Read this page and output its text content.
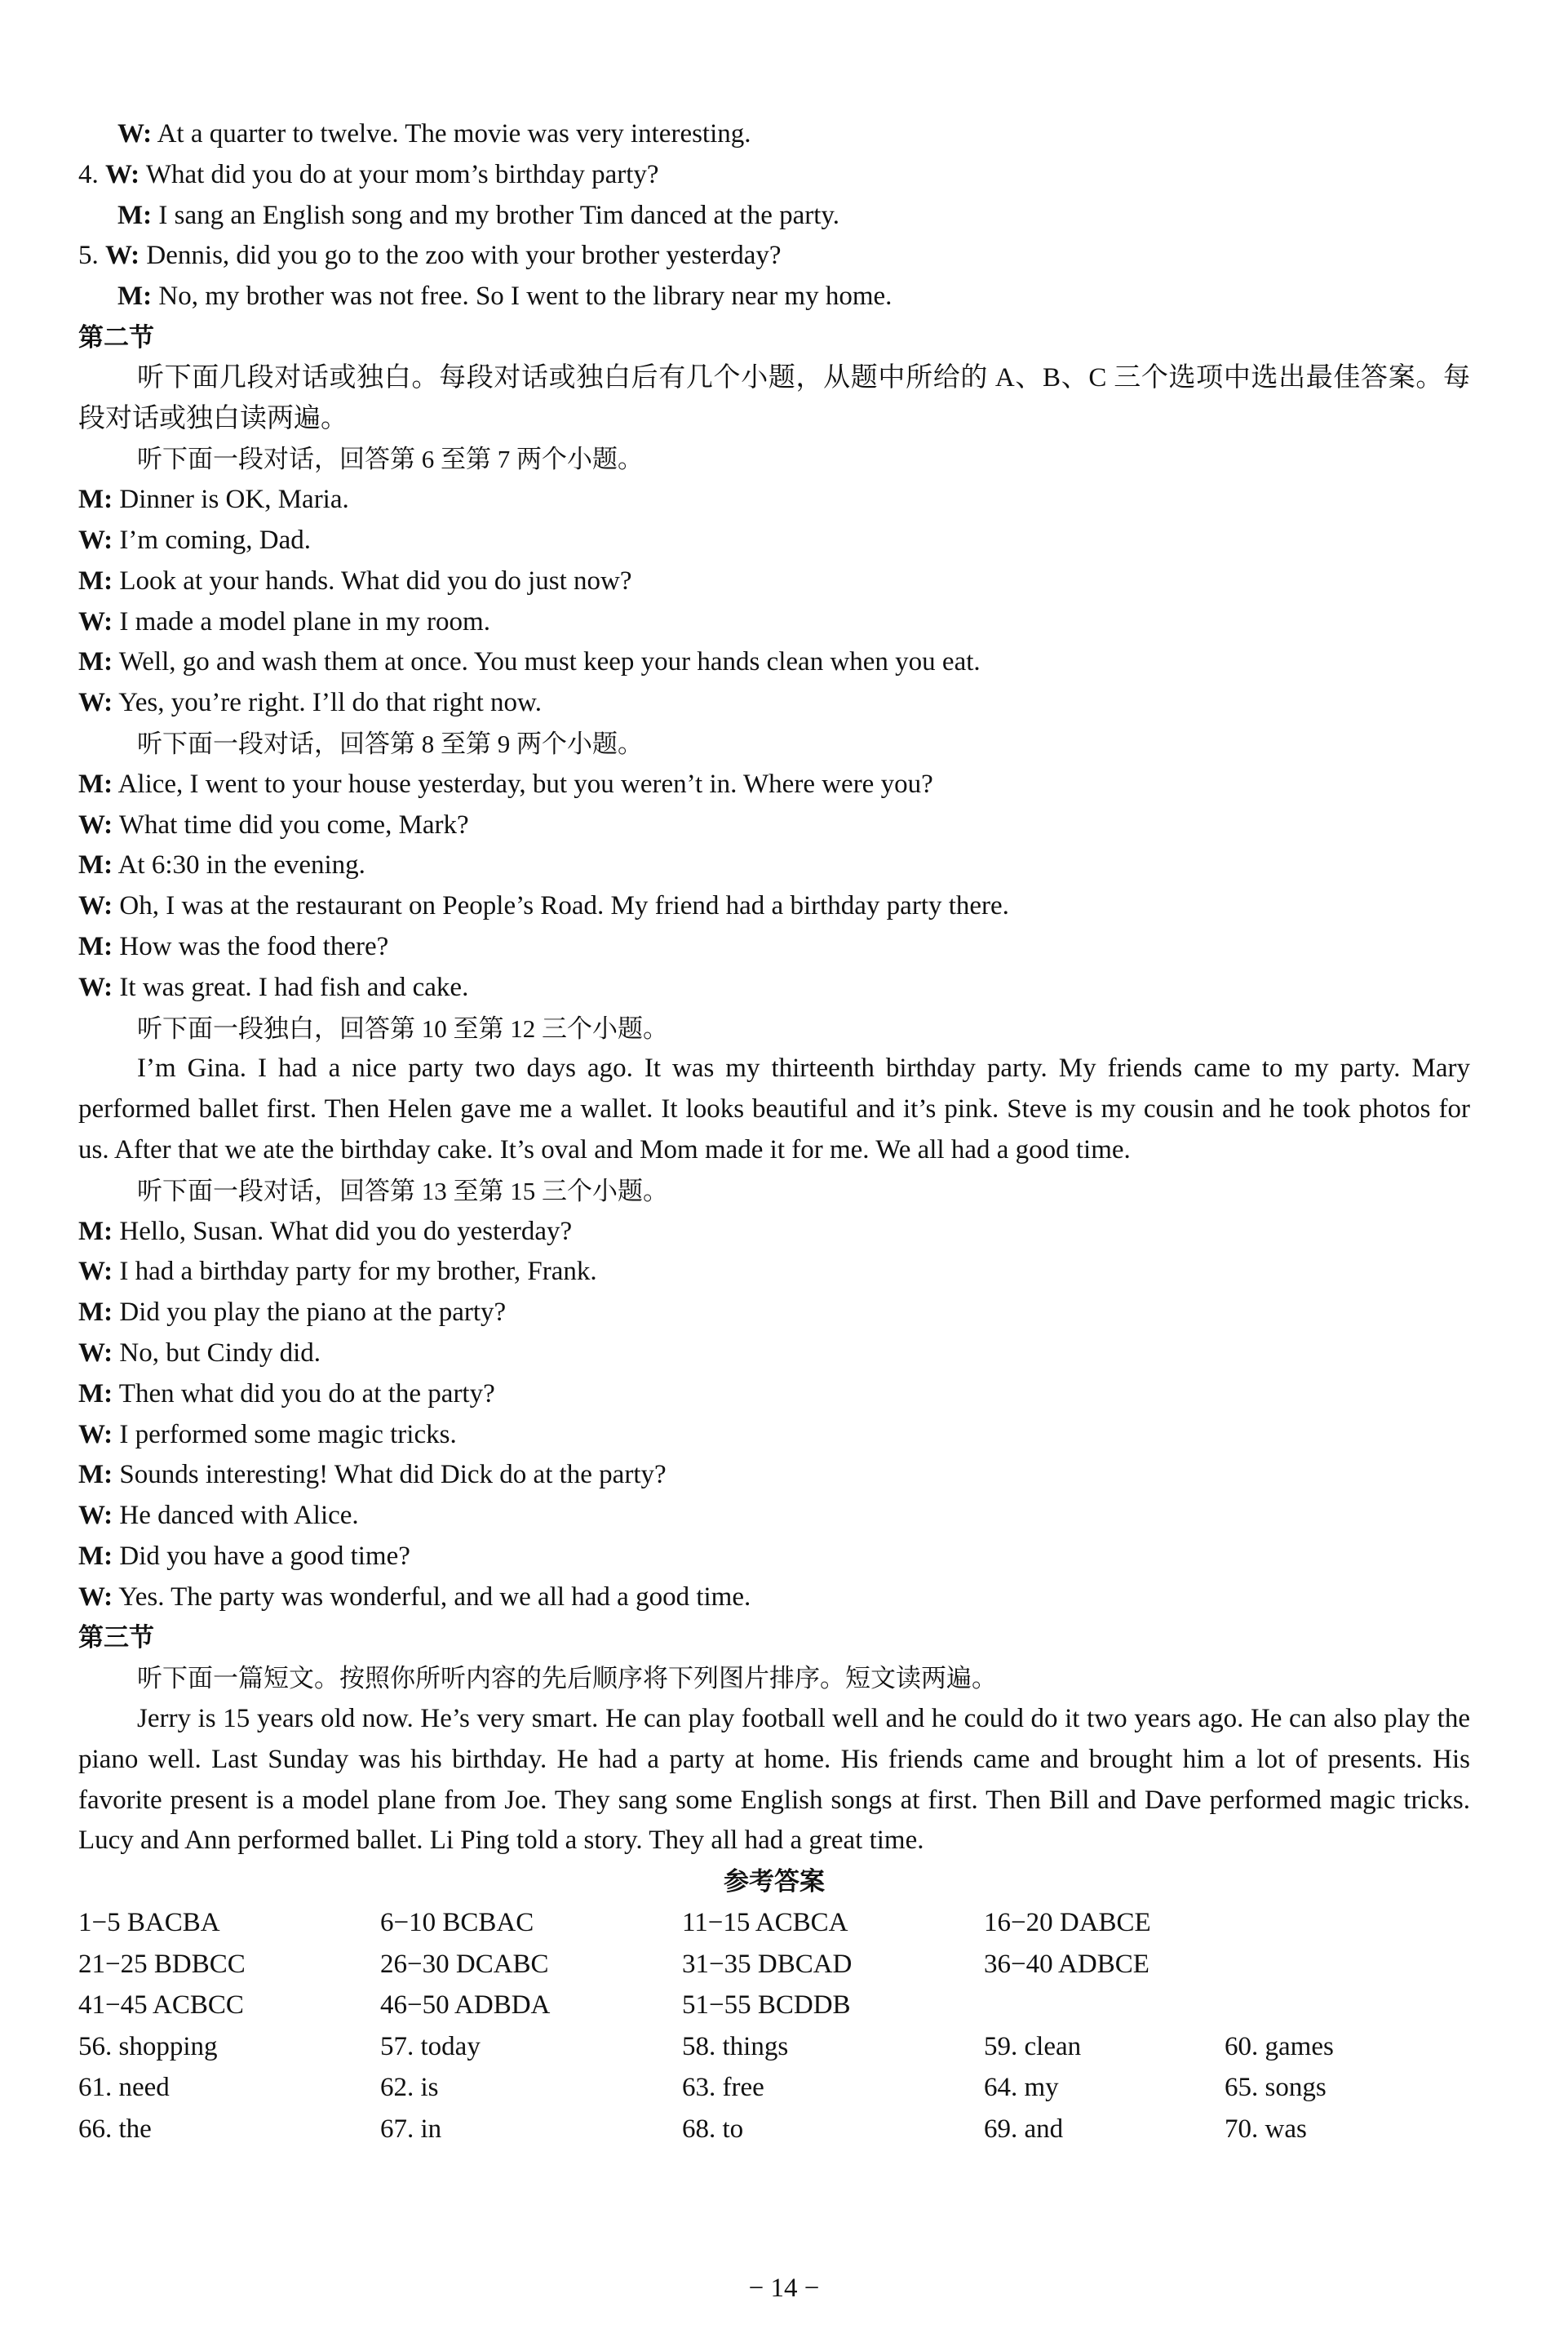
W: At a quarter to twelve. The movie was very interesting.
4. W: What did you do at your mom’s birthday party?
M: I sang an English song and my brother Tim danced at the party.
5. W: Dennis, did you go to the zoo with your brother yesterday?
M: No, my brother was not free. So I went to the library near my home.
第二节
听下面几段对话或独白。每段对话或独白后有几个小题，从题中所给的 A、B、C 三个选项中选出最佳答案。每段对话或独白读两遍。
听下面一段对话，回答第 6 至第 7 两个小题。
M: Dinner is OK, Maria.
W: I’m coming, Dad.
M: Look at your hands. What did you do just now?
W: I made a model plane in my room.
M: Well, go and wash them at once. You must keep your hands clean when you eat.
W: Yes, you’re right. I’ll do that right now.
听下面一段对话，回答第 8 至第 9 两个小题。
M: Alice, I went to your house yesterday, but you weren’t in. Where were you?
W: What time did you come, Mark?
M: At 6:30 in the evening.
W: Oh, I was at the restaurant on People’s Road. My friend had a birthday party there.
M: How was the food there?
W: It was great. I had fish and cake.
听下面一段独白，回答第 10 至第 12 三个小题。
I’m Gina. I had a nice party two days ago. It was my thirteenth birthday party. My friends came to my party. Mary performed ballet first. Then Helen gave me a wallet. It looks beautiful and it’s pink. Steve is my cousin and he took photos for us. After that we ate the birthday cake. It’s oval and Mom made it for me. We all had a good time.
听下面一段对话，回答第 13 至第 15 三个小题。
M: Hello, Susan. What did you do yesterday?
W: I had a birthday party for my brother, Frank.
M: Did you play the piano at the party?
W: No, but Cindy did.
M: Then what did you do at the party?
W: I performed some magic tricks.
M: Sounds interesting! What did Dick do at the party?
W: He danced with Alice.
M: Did you have a good time?
W: Yes. The party was wonderful, and we all had a good time.
第三节
听下面一篇短文。按照你所听内容的先后顺序将下列图片排序。短文读两遍。
Jerry is 15 years old now. He’s very smart. He can play football well and he could do it two years ago. He can also play the piano well. Last Sunday was his birthday. He had a party at home. His friends came and brought him a lot of presents. His favorite present is a model plane from Joe. They sang some English songs at first. Then Bill and Dave performed magic tricks. Lucy and Ann performed ballet. Li Ping told a story. They all had a great time.
参考答案
1−5 BACBA	6−10 BCBAC	11−15 ACBCA	16−20 DABCE
21−25 BDBCC	26−30 DCABC	31−35 DBCAD	36−40 ADBCE
41−45 ACBCC	46−50 ADBDA	51−55 BCDDB
56. shopping	57. today	58. things	59. clean	60. games
61. need	62. is	63. free	64. my	65. songs
66. the	67. in	68. to	69. and	70. was
− 14 −
